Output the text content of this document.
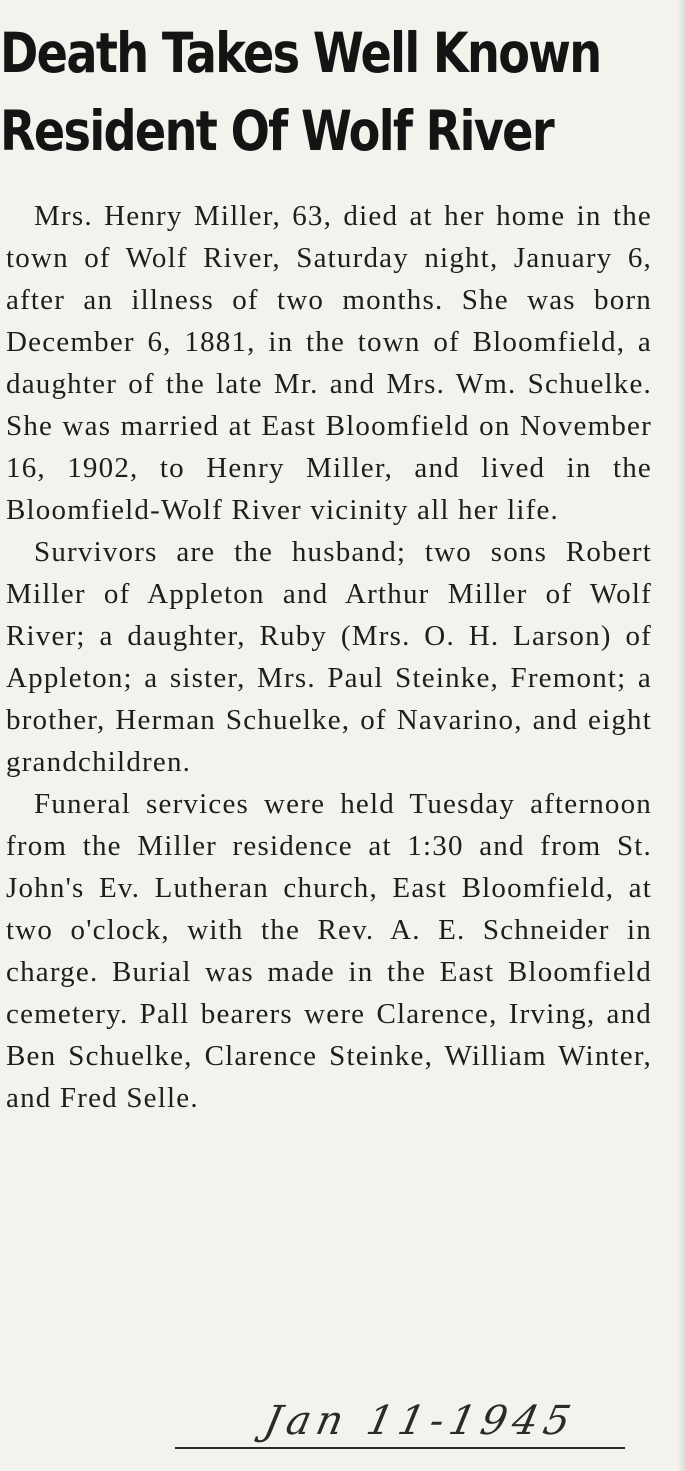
Death Takes Well Known
Resident Of Wolf River

Mrs. Henry Miller, 63, died at her home in the town of Wolf River, Saturday night, January 6, after an illness of two months. She was born December 6, 1881, in the town of Bloomfield, a daughter of the late Mr. and Mrs. Wm. Schuelke. She was married at East Bloomfield on November 16, 1902, to Henry Miller, and lived in the Bloomfield-Wolf River vicinity all her life.

Survivors are the husband; two sons Robert Miller of Appleton and Arthur Miller of Wolf River; a daughter, Ruby (Mrs. O. H. Larson) of Appleton; a sister, Mrs. Paul Steinke, Fremont; a brother, Herman Schuelke, of Navarino, and eight grandchildren.

Funeral services were held Tuesday afternoon from the Miller residence at 1:30 and from St. John's Ev. Lutheran church, East Bloomfield, at two o'clock, with the Rev. A. E. Schneider in charge. Burial was made in the East Bloomfield cemetery. Pall bearers were Clarence, Irving, and Ben Schuelke, Clarence Steinke, William Winter, and Fred Selle.

Jan 11-1945
